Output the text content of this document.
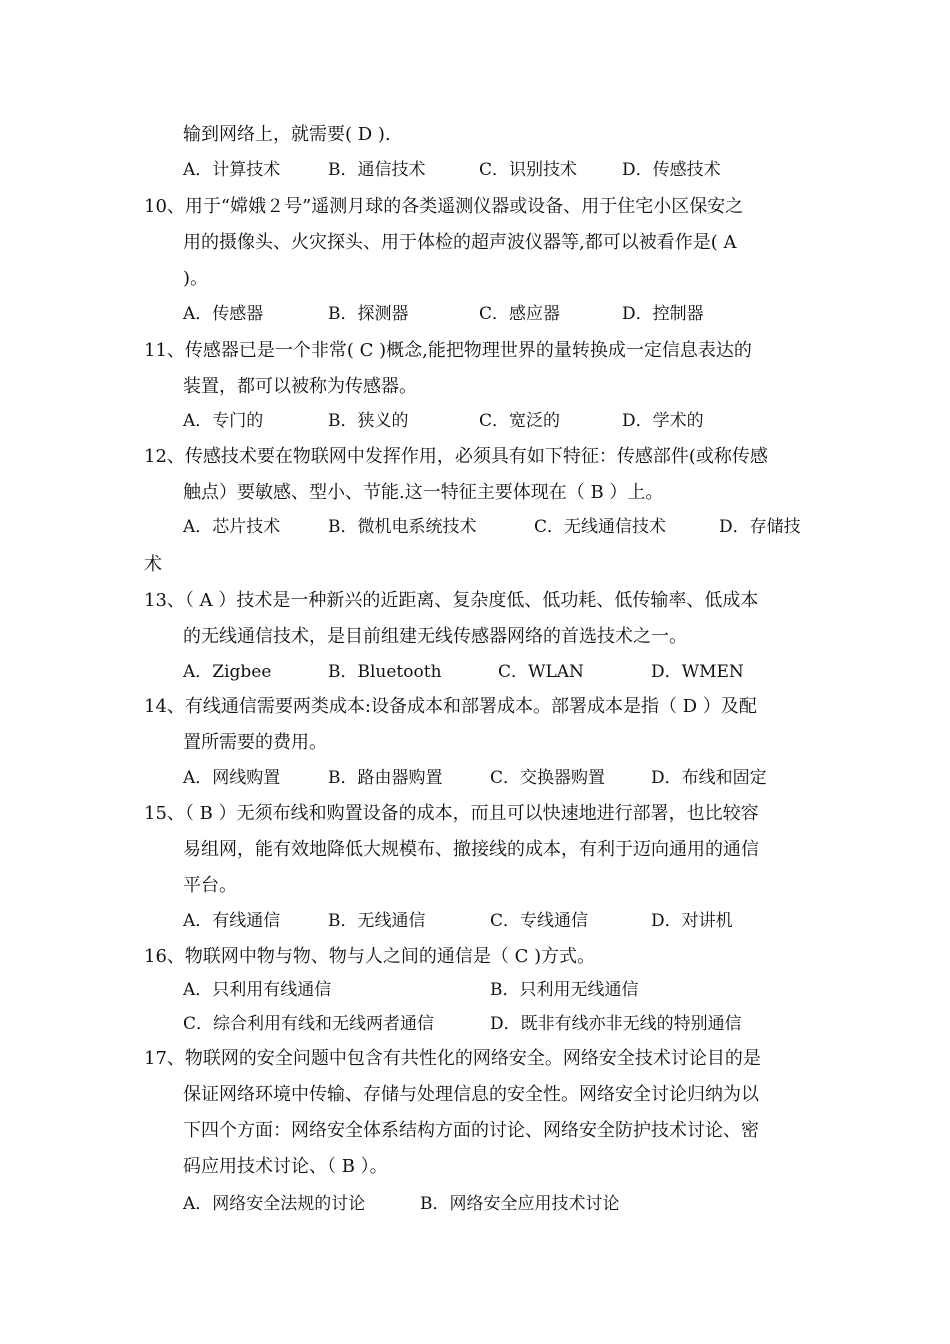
输到网络上，就需要( D ).
A．计算技术	B．通信技术	C．识别技术	D．传感技术
10、用于“嫦娥２号”遥测月球的各类遥测仪器或设备、用于住宅小区保安之
用的摄像头、火灾探头、用于体检的超声波仪器等,都可以被看作是( A
)。
A．传感器	B．探测器	C．感应器	D．控制器
11、传感器已是一个非常( C )概念,能把物理世界的量转换成一定信息表达的
装置，都可以被称为传感器。
A．专门的	B．狭义的	C．宽泛的	D．学术的
12、传感技术要在物联网中发挥作用，必须具有如下特征：传感部件(或称传感
触点）要敏感、型小、节能.这一特征主要体现在（ B ）上。
A．芯片技术	B．微机电系统技术	C．无线通信技术	D．存储技
术
13、（ A ）技术是一种新兴的近距离、复杂度低、低功耗、低传输率、低成本
的无线通信技术，是目前组建无线传感器网络的首选技术之一。
A．Zigbee	B．Bluetooth	C．WLAN	D．WMEN
14、有线通信需要两类成本:设备成本和部署成本。部署成本是指（ D ）及配
置所需要的费用。
A．网线购置	B．路由器购置	C．交换器购置	D．布线和固定
15、（ B ）无须布线和购置设备的成本，而且可以快速地进行部署，也比较容
易组网，能有效地降低大规模布、撤接线的成本，有利于迈向通用的通信
平台。
A．有线通信	B．无线通信	C．专线通信	D．对讲机
16、物联网中物与物、物与人之间的通信是（ C )方式。
A．只利用有线通信	B．只利用无线通信
C．综合利用有线和无线两者通信	D．既非有线亦非无线的特别通信
17、物联网的安全问题中包含有共性化的网络安全。网络安全技术讨论目的是
保证网络环境中传输、存储与处理信息的安全性。网络安全讨论归纳为以
下四个方面：网络安全体系结构方面的讨论、网络安全防护技术讨论、密
码应用技术讨论、（ B ）。
A．网络安全法规的讨论	B．网络安全应用技术讨论
